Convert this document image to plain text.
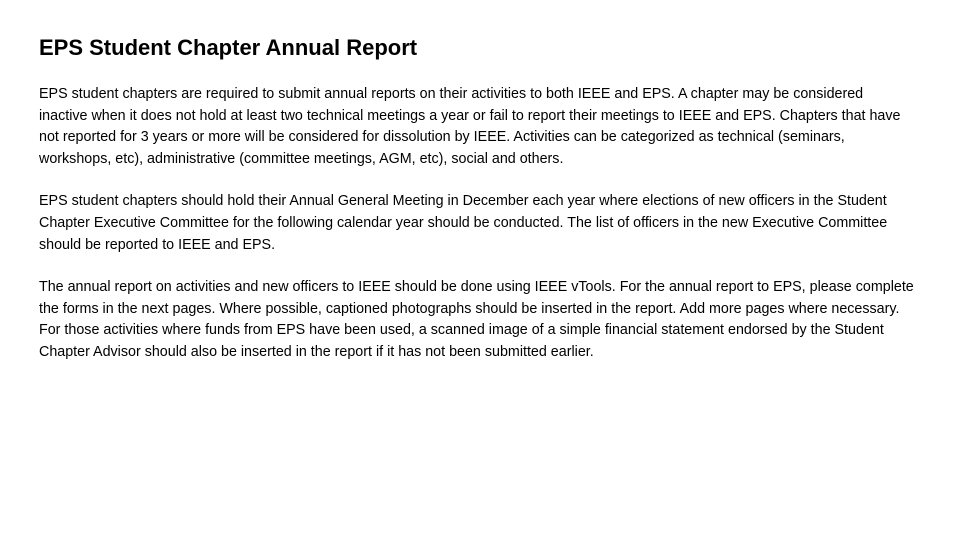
EPS Student Chapter Annual Report

EPS student chapters are required to submit annual reports on their activities to both IEEE and EPS. A chapter may be considered inactive when it does not hold at least two technical meetings a year or fail to report their meetings to IEEE and EPS. Chapters that have not reported for 3 years or more will be considered for dissolution by IEEE. Activities can be categorized as technical (seminars, workshops, etc), administrative (committee meetings, AGM, etc), social and others.

EPS student chapters should hold their Annual General Meeting in December each year where elections of new officers in the Student Chapter Executive Committee for the following calendar year should be conducted. The list of officers in the new Executive Committee should be reported to IEEE and EPS.

The annual report on activities and new officers to IEEE should be done using IEEE vTools. For the annual report to EPS, please complete the forms in the next pages. Where possible, captioned photographs should be inserted in the report. Add more pages where necessary. For those activities where funds from EPS have been used, a scanned image of a simple financial statement endorsed by the Student Chapter Advisor should also be inserted in the report if it has not been submitted earlier.
